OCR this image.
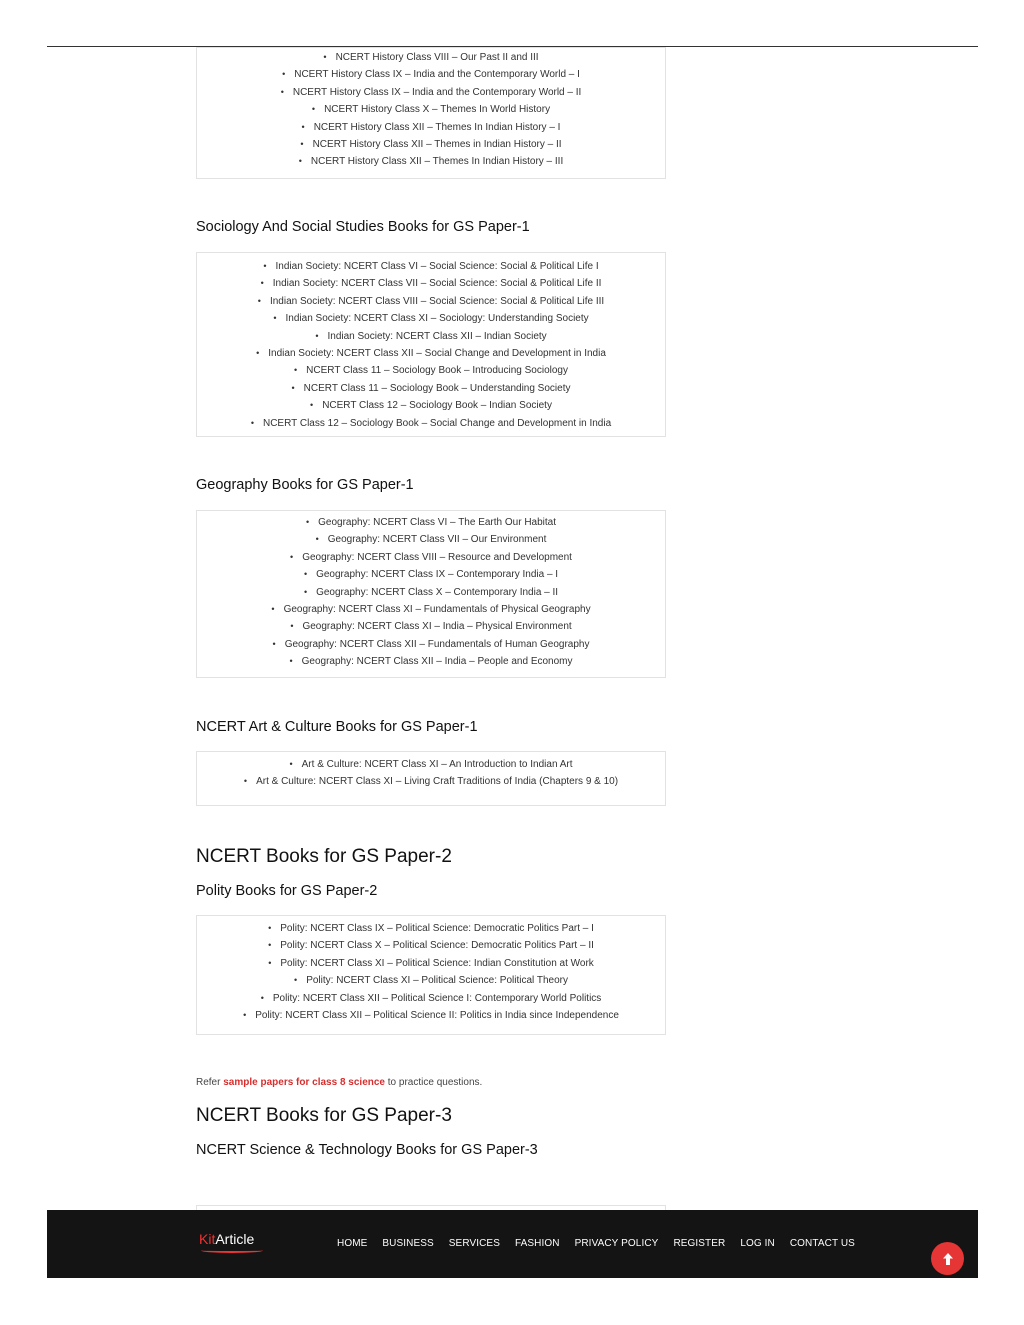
• NCERT History Class VIII – Our Past II and III
• NCERT History Class IX – India and the Contemporary World – I
• NCERT History Class IX – India and the Contemporary World – II
• NCERT History Class X – Themes In World History
• NCERT History Class XII – Themes In Indian History – I
• NCERT History Class XII – Themes in Indian History – II
• NCERT History Class XII – Themes In Indian History – III
Sociology And Social Studies Books for GS Paper-1
• Indian Society: NCERT Class VI – Social Science: Social & Political Life I
• Indian Society: NCERT Class VII – Social Science: Social & Political Life II
• Indian Society: NCERT Class VIII – Social Science: Social & Political Life III
• Indian Society: NCERT Class XI – Sociology: Understanding Society
• Indian Society: NCERT Class XII – Indian Society
• Indian Society: NCERT Class XII – Social Change and Development in India
• NCERT Class 11 – Sociology Book – Introducing Sociology
• NCERT Class 11 – Sociology Book – Understanding Society
• NCERT Class 12 – Sociology Book – Indian Society
• NCERT Class 12 – Sociology Book – Social Change and Development in India
Geography Books for GS Paper-1
• Geography: NCERT Class VI – The Earth Our Habitat
• Geography: NCERT Class VII – Our Environment
• Geography: NCERT Class VIII – Resource and Development
• Geography: NCERT Class IX – Contemporary India – I
• Geography: NCERT Class X – Contemporary India – II
• Geography: NCERT Class XI – Fundamentals of Physical Geography
• Geography: NCERT Class XI – India – Physical Environment
• Geography: NCERT Class XII – Fundamentals of Human Geography
• Geography: NCERT Class XII – India – People and Economy
NCERT Art & Culture Books for GS Paper-1
• Art & Culture: NCERT Class XI – An Introduction to Indian Art
• Art & Culture: NCERT Class XI – Living Craft Traditions of India (Chapters 9 & 10)
NCERT Books for GS Paper-2
Polity Books for GS Paper-2
• Polity: NCERT Class IX – Political Science: Democratic Politics Part – I
• Polity: NCERT Class X – Political Science: Democratic Politics Part – II
• Polity: NCERT Class XI – Political Science: Indian Constitution at Work
• Polity: NCERT Class XI – Political Science: Political Theory
• Polity: NCERT Class XII – Political Science I: Contemporary World Politics
• Polity: NCERT Class XII – Political Science II: Politics in India since Independence

Refer sample papers for class 8 science to practice questions.

NCERT Books for GS Paper-3
NCERT Science & Technology Books for GS Paper-3
KitArticle	HOME BUSINESS SERVICES FASHION PRIVACY POLICY REGISTER LOG IN CONTACT US
